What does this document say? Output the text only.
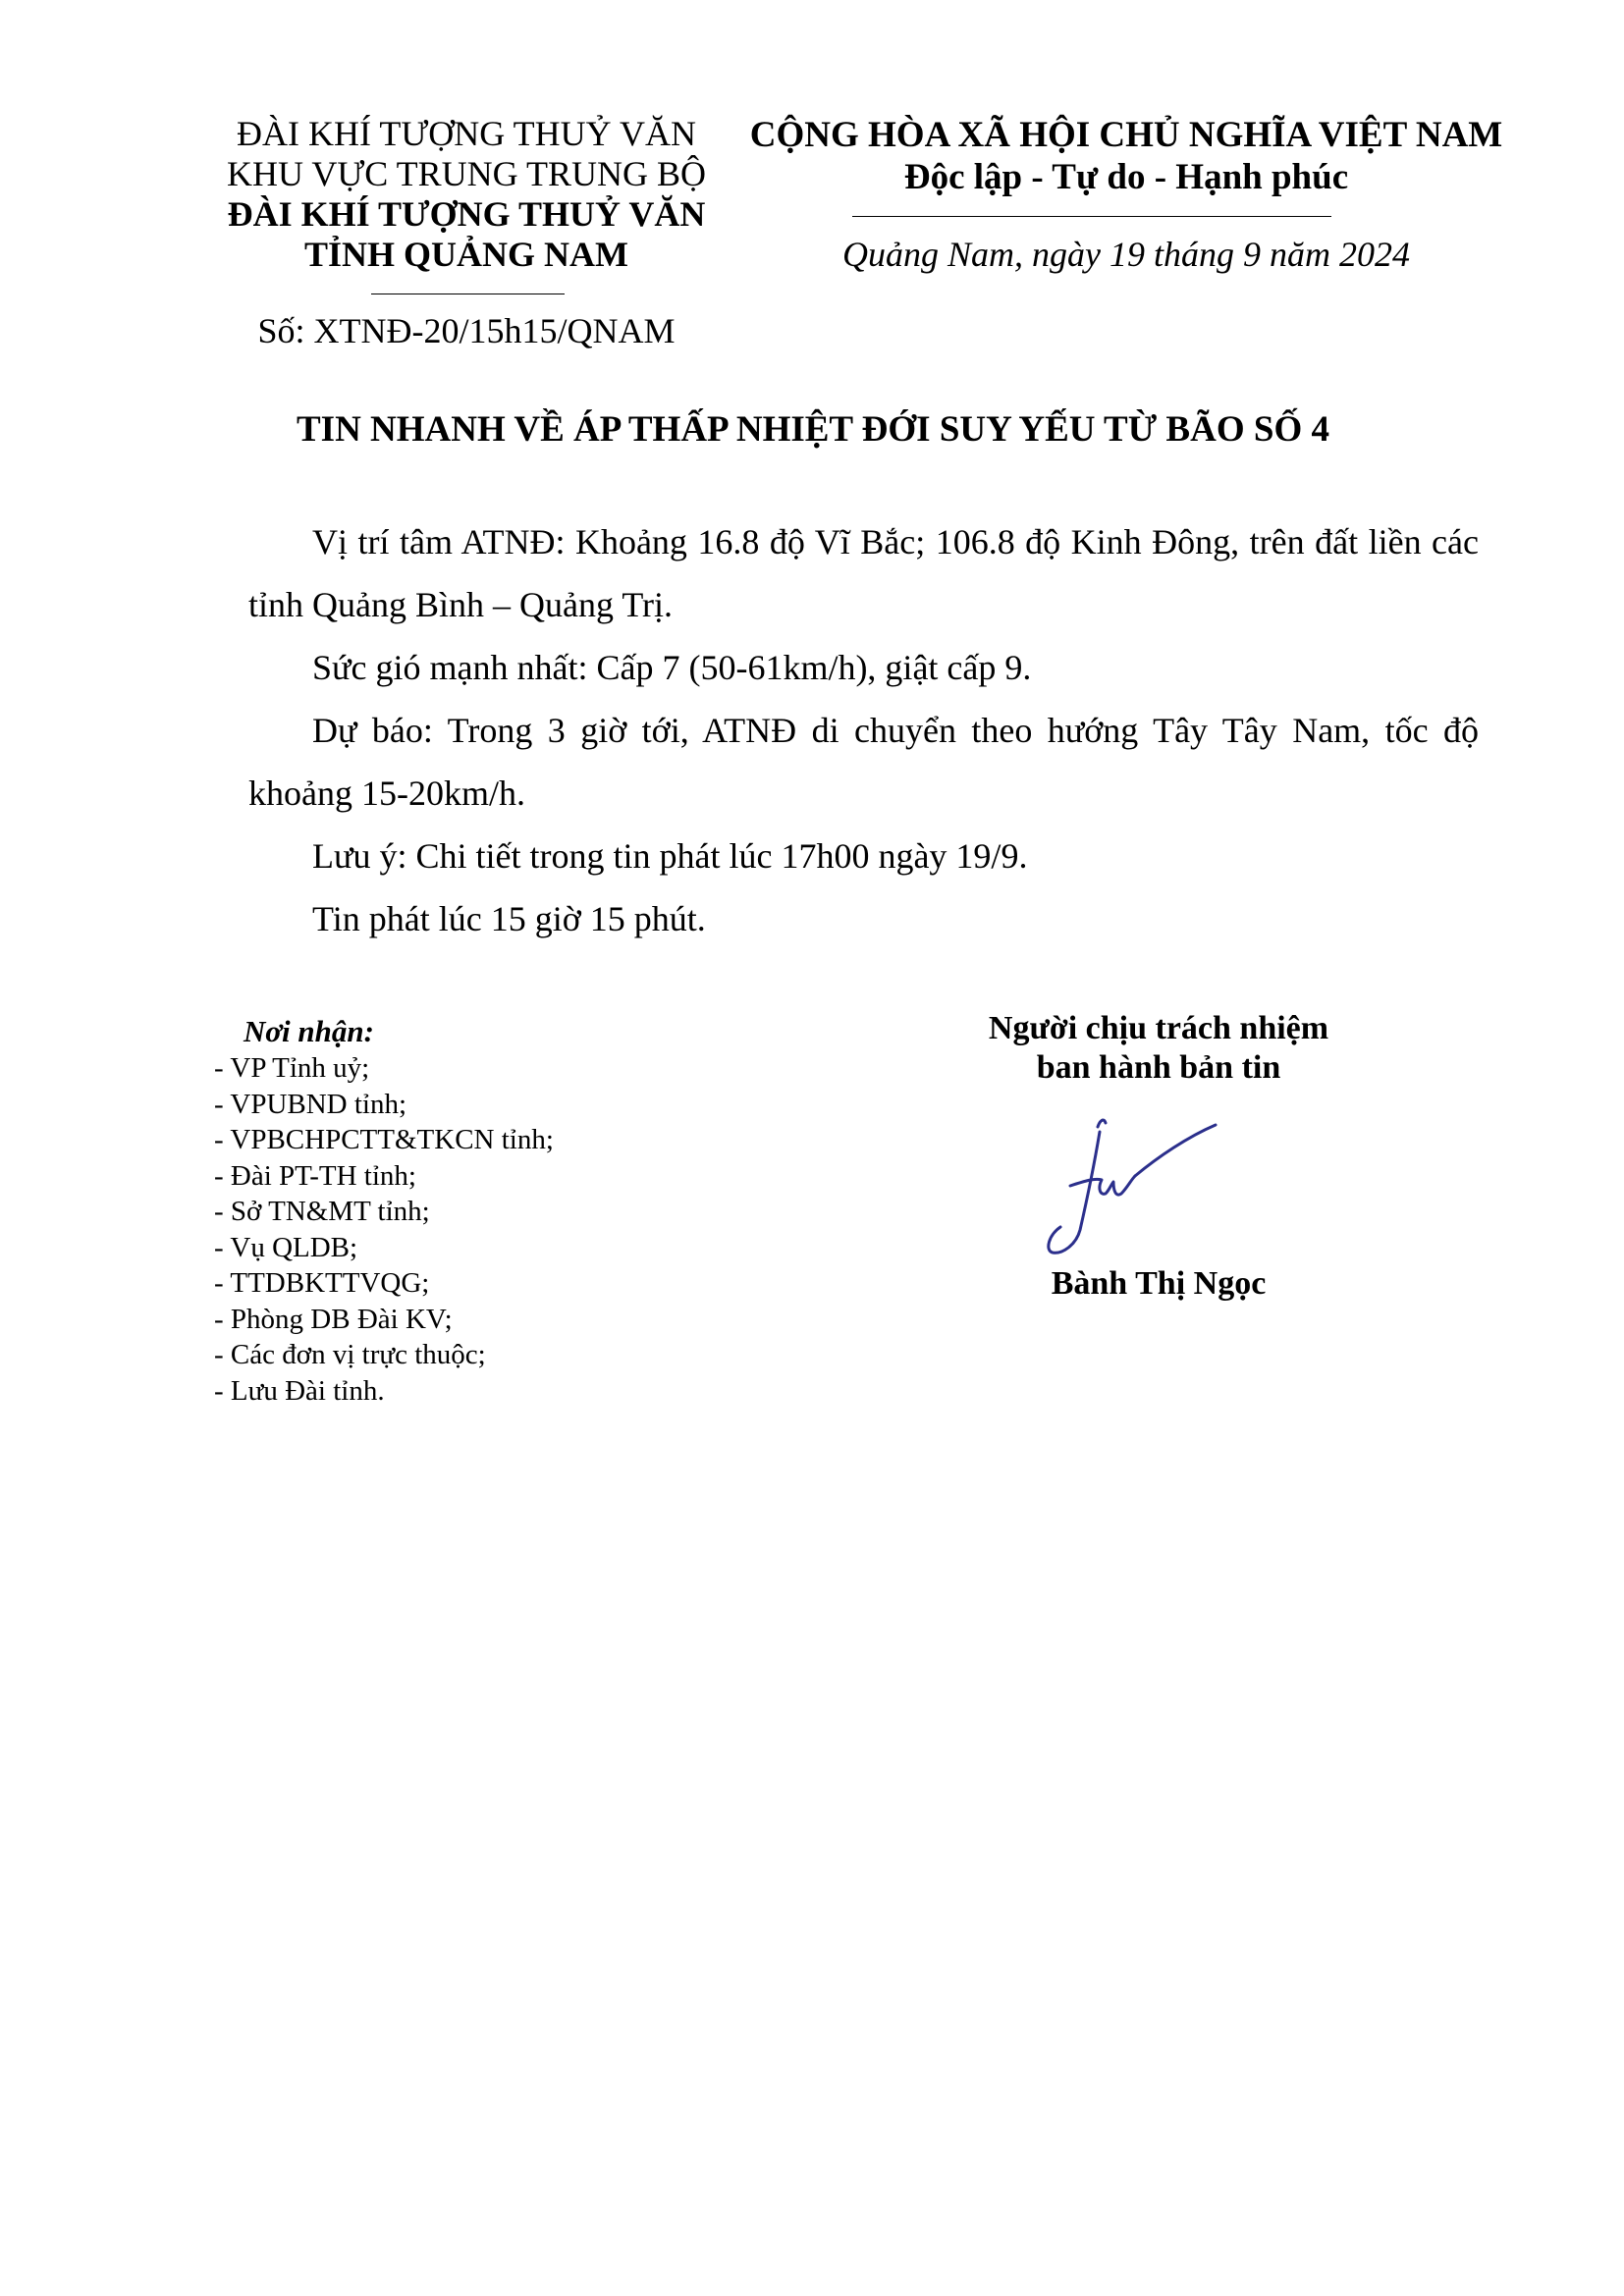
ĐÀI KHÍ TƯỢNG THUỶ VĂN
KHU VỰC TRUNG TRUNG BỘ
ĐÀI KHÍ TƯỢNG THUỶ VĂN
TỈNH QUẢNG NAM
Số: XTNĐ-20/15h15/QNAM
CỘNG HÒA XÃ HỘI CHỦ NGHĨA VIỆT NAM
Độc lập - Tự do - Hạnh phúc
Quảng Nam, ngày 19 tháng 9 năm 2024
TIN NHANH VỀ ÁP THẤP NHIỆT ĐỚI SUY YẾU TỪ BÃO SỐ 4

Vị trí tâm ATNĐ: Khoảng 16.8 độ Vĩ Bắc; 106.8 độ Kinh Đông, trên đất liền các tỉnh Quảng Bình – Quảng Trị.

Sức gió mạnh nhất: Cấp 7 (50-61km/h), giật cấp 9.

Dự báo: Trong 3 giờ tới, ATNĐ di chuyển theo hướng Tây Tây Nam, tốc độ khoảng 15-20km/h.

Lưu ý: Chi tiết trong tin phát lúc 17h00 ngày 19/9.

Tin phát lúc 15 giờ 15 phút.

Nơi nhận:
- VP Tỉnh uỷ;
- VPUBND tỉnh;
- VPBCHPCTT&TKCN tỉnh;
- Đài PT-TH tỉnh;
- Sở TN&MT tỉnh;
- Vụ QLDB;
- TTDBKTTVQG;
- Phòng DB Đài KV;
- Các đơn vị trực thuộc;
- Lưu Đài tỉnh.
Người chịu trách nhiệm
ban hành bản tin
Bành Thị Ngọc
